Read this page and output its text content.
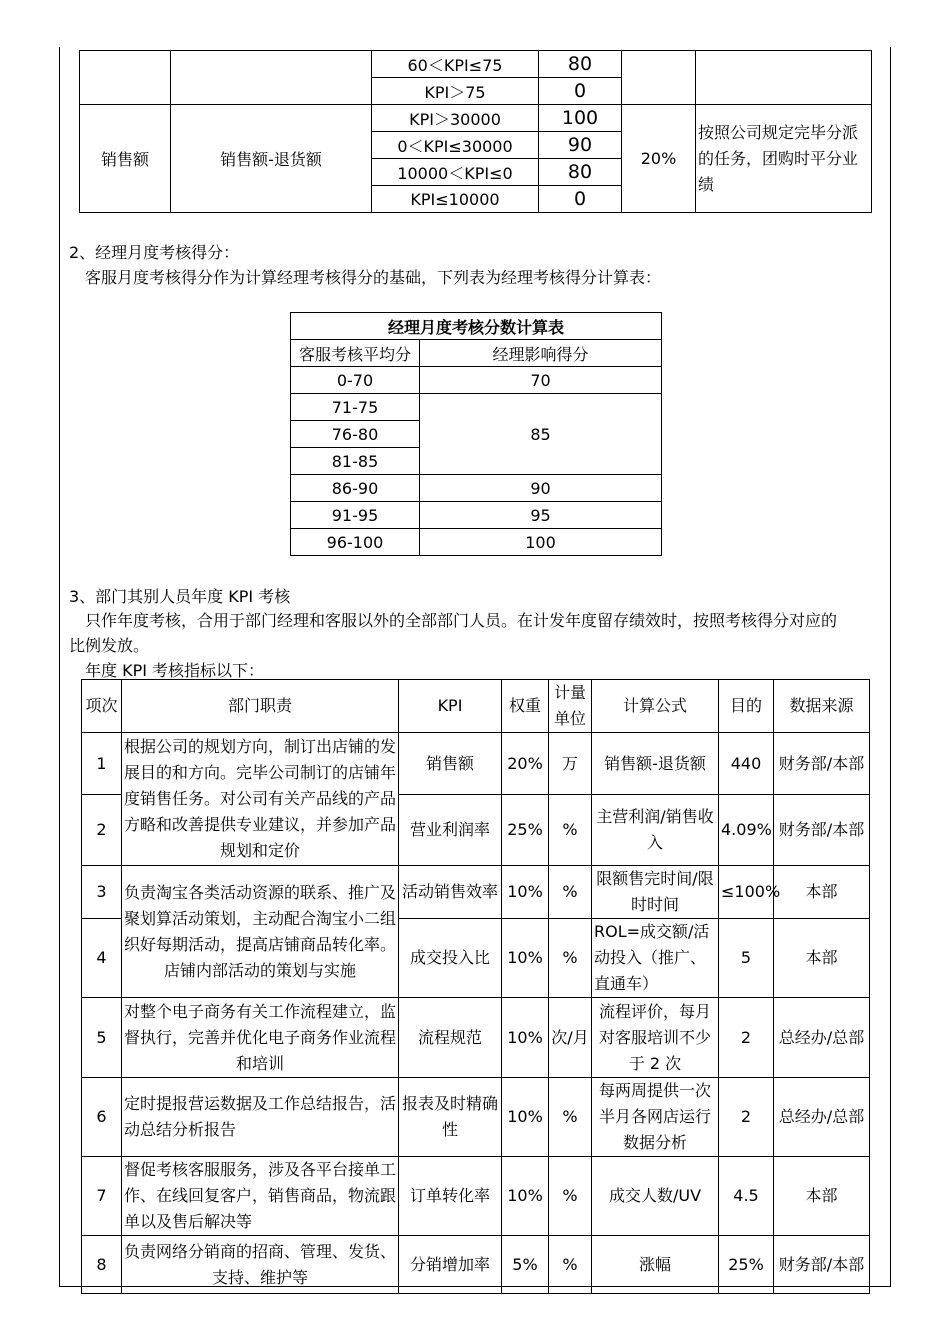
		60＜KPI≤75	80		
		KPI＞75	0		
销售额	销售额-退货额	KPI＞30000	100	20%	按照公司规定完毕分派的任务，团购时平分业绩
		0＜KPI≤30000	90		
		10000＜KPI≤0	80		
		KPI≤10000	0		

2、经理月度考核得分：

客服月度考核得分作为计算经理考核得分的基础，下列表为经理考核得分计算表：

经理月度考核分数计算表	
客服考核平均分	经理影响得分
0-70	70
71-75	85
76-80	
81-85	
86-90	90
91-95	95
96-100	100

3、部门其别人员年度 KPI 考核

只作年度考核，合用于部门经理和客服以外的全部部门人员。在计发年度留存绩效时，按照考核得分对应的

比例发放。

年度 KPI 考核指标以下：

项次	部门职责	KPI	权重	计量单位	计算公式	目的	数据来源
1	根据公司的规划方向，制订出店铺的发展目的和方向。完毕公司制订的店铺年度销售任务。对公司有关产品线的产品方略和改善提供专业建议，并参加产品规划和定价	销售额	20%	万	销售额-退货额	440	财务部/本部
2		营业利润率	25%	%	主营利润/销售收入	4.09%	财务部/本部
3	负责淘宝各类活动资源的联系、推广及聚划算活动策划，主动配合淘宝小二组织好每期活动，提高店铺商品转化率。店铺内部活动的策划与实施	活动销售效率	10%	%	限额售完时间/限时时间	≤100%	本部
4		成交投入比	10%	%	ROL=成交额/活动投入（推广、直通车）	5	本部
5	对整个电子商务有关工作流程建立，监督执行，完善并优化电子商务作业流程和培训	流程规范	10%	次/月	流程评价，每月对客服培训不少于 2 次	2	总经办/总部
6	定时提报营运数据及工作总结报告，活动总结分析报告	报表及时精确性	10%	%	每两周提供一次半月各网店运行数据分析	2	总经办/总部
7	督促考核客服服务，涉及各平台接单工作、在线回复客户，销售商品，物流跟单以及售后解决等	订单转化率	10%	%	成交人数/UV	4.5	本部
8	负责网络分销商的招商、管理、发货、支持、维护等	分销增加率	5%	%	涨幅	25%	财务部/本部
